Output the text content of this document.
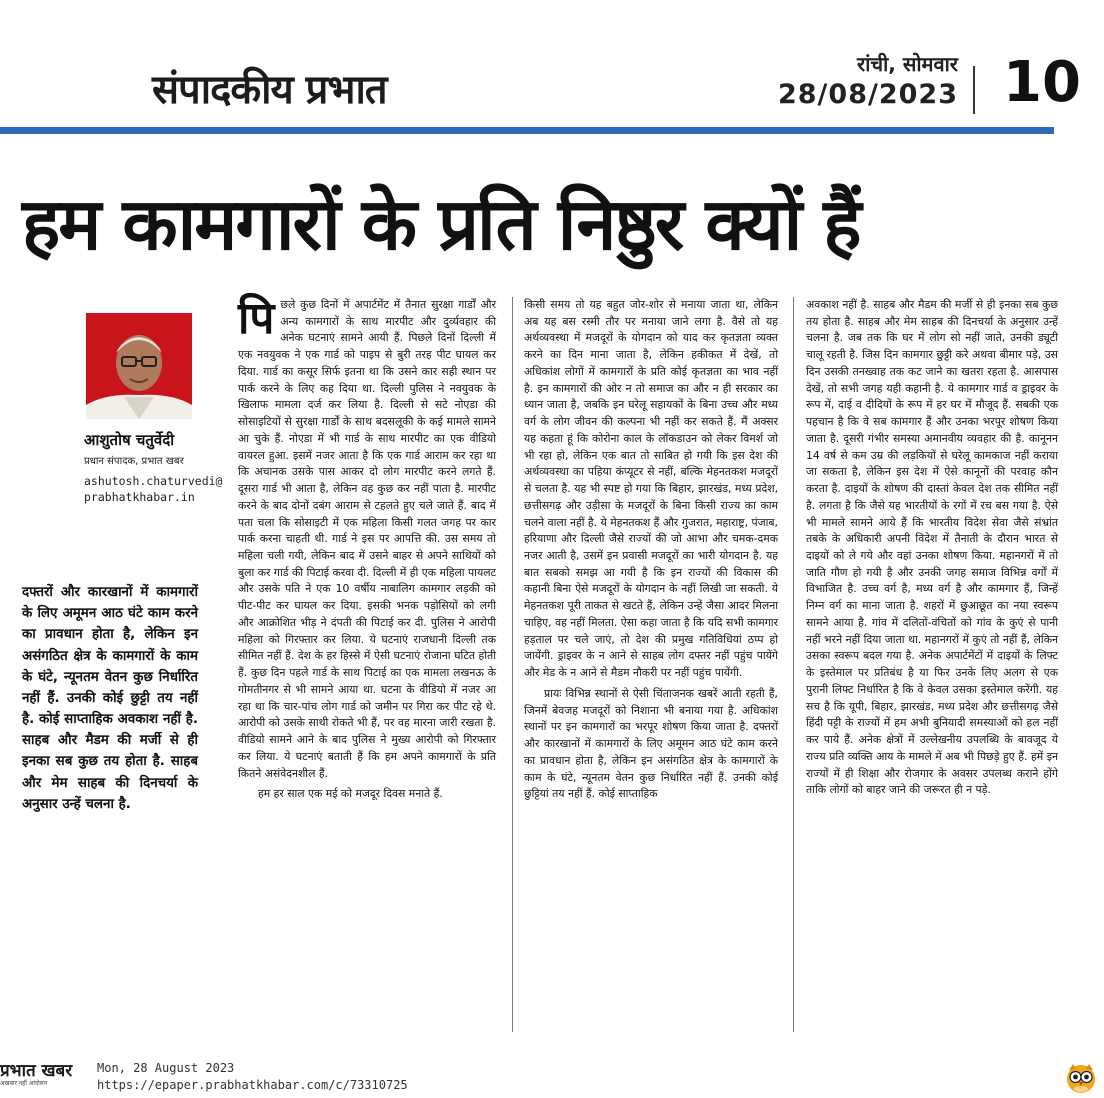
संपादकीय प्रभात
रांची, सोमवार
28/08/2023 10
हम कामगारों के प्रति निष्ठुर क्यों हैं
आशुतोष चतुर्वेदी
प्रधान संपादक, प्रभात खबर
ashutosh.chaturvedi@
prabhatkhabar.in
दफ्तरों और कारखानों में कामगारों के लिए अमूमन आठ घंटे काम करने का प्रावधान होता है, लेकिन इन असंगठित क्षेत्र के कामगारों के काम के घंटे, न्यूनतम वेतन कुछ निर्धारित नहीं हैं. उनकी कोई छुट्टी तय नहीं है. कोई साप्ताहिक अवकाश नहीं है. साहब और मैडम की मर्जी से ही इनका सब कुछ तय होता है. साहब और मेम साहब की दिनचर्या के अनुसार उन्हें चलना है.
पि छले कुछ दिनों में अपार्टमेंट में तैनात सुरक्षा गार्डों और अन्य कामगारों के साथ मारपीट और दुर्व्यवहार की अनेक घटनाएं सामने आयी हैं. पिछले दिनों दिल्ली में एक नवयुवक ने एक गार्ड को पाइप से बुरी तरह पीट घायल कर दिया. गार्ड का कसूर सिर्फ इतना था कि उसने कार सही स्थान पर पार्क करने के लिए कह दिया था. दिल्ली पुलिस ने नवयुवक के खिलाफ मामला दर्ज कर लिया है. दिल्ली से सटे नोएडा की सोसाइटियों से सुरक्षा गार्डों के साथ बदसलूकी के कई मामले सामने आ चुके हैं. नोएडा में भी गार्ड के साथ मारपीट का एक वीडियो वायरल हुआ. इसमें नजर आता है कि एक गार्ड आराम कर रहा था कि अचानक उसके पास आकर दो लोग मारपीट करने लगते हैं. दूसरा गार्ड भी आता है, लेकिन वह कुछ कर नहीं पाता है. मारपीट करने के बाद दोनों दबंग आराम से टहलते हुए चले जाते हैं. बाद में पता चला कि सोसाइटी में एक महिला किसी गलत जगह पर कार पार्क करना चाहती थी. गार्ड ने इस पर आपत्ति की. उस समय तो महिला चली गयी, लेकिन बाद में उसने बाहर से अपने साथियों को बुला कर गार्ड की पिटाई करवा दी. दिल्ली में ही एक महिला पायलट और उसके पति ने एक 10 वर्षीय नाबालिग कामगार लड़की को पीट-पीट कर घायल कर दिया. इसकी भनक पड़ोसियों को लगी और आक्रोशित भीड़ ने दंपती की पिटाई कर दी. पुलिस ने आरोपी महिला को गिरफ्तार कर लिया. ये घटनाएं राजधानी दिल्ली तक सीमित नहीं हैं. देश के हर हिस्से में ऐसी घटनाएं रोजाना घटित होती हैं. कुछ दिन पहले गार्ड के साथ पिटाई का एक मामला लखनऊ के गोमतीनगर से भी सामने आया था. घटना के वीडियो में नजर आ रहा था कि चार-पांच लोग गार्ड को जमीन पर गिरा कर पीट रहे थे. आरोपी को उसके साथी रोकते भी हैं, पर वह मारना जारी रखता है. वीडियो सामने आने के बाद पुलिस ने मुख्य आरोपी को गिरफ्तार कर लिया. ये घटनाएं बताती हैं कि हम अपने कामगारों के प्रति कितने असंवेदनशील हैं.

हम हर साल एक मई को मजदूर दिवस मनाते हैं.

किसी समय तो यह बहुत जोर-शोर से मनाया जाता था, लेकिन अब यह बस रस्मी तौर पर मनाया जाने लगा है. वैसे तो यह अर्थव्यवस्था में मजदूरों के योगदान को याद कर कृतज्ञता व्यक्त करने का दिन माना जाता है, लेकिन हकीकत में देखें, तो अधिकांश लोगों में कामगारों के प्रति कोई कृतज्ञता का भाव नहीं है. इन कामगारों की ओर न तो समाज का और न ही सरकार का ध्यान जाता है, जबकि इन घरेलू सहायकों के बिना उच्च और मध्य वर्ग के लोग जीवन की कल्पना भी नहीं कर सकते हैं. मैं अक्सर यह कहता हूं कि कोरोना काल के लॉकडाउन को लेकर विमर्श जो भी रहा हो, लेकिन एक बात तो साबित हो गयी कि इस देश की अर्थव्यवस्था का पहिया कंप्यूटर से नहीं, बल्कि मेहनतकश मजदूरों से चलता है. यह भी स्पष्ट हो गया कि बिहार, झारखंड, मध्य प्रदेश, छत्तीसगढ़ और उड़ीसा के मजदूरों के बिना किसी राज्य का काम चलने वाला नहीं है. ये मेहनतकश हैं और गुजरात, महाराष्ट्र, पंजाब, हरियाणा और दिल्ली जैसे राज्यों की जो आभा और चमक-दमक नजर आती है, उसमें इन प्रवासी मजदूरों का भारी योगदान है. यह बात सबको समझ आ गयी है कि इन राज्यों की विकास की कहानी बिना ऐसे मजदूरों के योगदान के नहीं लिखी जा सकती. ये मेहनतकश पूरी ताकत से खटते हैं, लेकिन उन्हें जैसा आदर मिलना चाहिए, वह नहीं मिलता. ऐसा कहा जाता है कि यदि सभी कामगार हड़ताल पर चले जाएं, तो देश की प्रमुख गतिविधियां ठप्प हो जायेंगी. ड्राइवर के न आने से साहब लोग दफ्तर नहीं पहुंच पायेंगे और मेड के न आने से मैडम नौकरी पर नहीं पहुंच पायेंगी.

प्रायः विभिन्न स्थानों से ऐसी चिंताजनक खबरें आती रहती हैं, जिनमें बेवजह मजदूरों को निशाना भी बनाया गया है. अधिकांश स्थानों पर इन कामगारों का भरपूर शोषण किया जाता है. दफ्तरों और कारखानों में कामगारों के लिए अमूमन आठ घंटे काम करने का प्रावधान होता है, लेकिन इन असंगठित क्षेत्र के कामगारों के काम के घंटे, न्यूनतम वेतन कुछ निर्धारित नहीं हैं. उनकी कोई छुट्टियां तय नहीं हैं. कोई साप्ताहिक

अवकाश नहीं है. साहब और मैडम की मर्जी से ही इनका सब कुछ तय होता है. साहब और मेम साहब की दिनचर्या के अनुसार उन्हें चलना है. जब तक कि घर में लोग सो नहीं जाते, उनकी ड्यूटी चालू रहती है. जिस दिन कामगार छुट्टी करे अथवा बीमार पड़े, उस दिन उसकी तनख्वाह तक कट जाने का खतरा रहता है. आसपास देखें, तो सभी जगह यही कहानी है. ये कामगार गार्ड व ड्राइवर के रूप में, दाई व दीदियों के रूप में हर घर में मौजूद हैं. सबकी एक पहचान है कि वे सब कामगार हैं और उनका भरपूर शोषण किया जाता है. दूसरी गंभीर समस्या अमानवीय व्यवहार की है. कानूनन 14 वर्ष से कम उम्र की लड़कियों से घरेलू कामकाज नहीं कराया जा सकता है, लेकिन इस देश में ऐसे कानूनों की परवाह कौन करता है. दाइयों के शोषण की दास्तां केवल देश तक सीमित नहीं है. लगता है कि जैसे यह भारतीयों के रगों में रच बस गया है. ऐसे भी मामले सामने आये हैं कि भारतीय विदेश सेवा जैसे संभ्रांत तबके के अधिकारी अपनी विदेश में तैनाती के दौरान भारत से दाइयों को ले गये और वहां उनका शोषण किया. महानगरों में तो जाति गौण हो गयी है और उनकी जगह समाज विभिन्न वर्गों में विभाजित है. उच्च वर्ग है, मध्य वर्ग है और कामगार हैं, जिन्हें निम्न वर्ग का माना जाता है. शहरों में छुआछूत का नया स्वरूप सामने आया है. गांव में दलितों-वंचितों को गांव के कुएं से पानी नहीं भरने नहीं दिया जाता था. महानगरों में कुएं तो नहीं हैं, लेकिन उसका स्वरूप बदल गया है. अनेक अपार्टमेंटों में दाइयों के लिफ्ट के इस्तेमाल पर प्रतिबंध है या फिर उनके लिए अलग से एक पुरानी लिफ्ट निर्धारित है कि वे केवल उसका इस्तेमाल करेंगी. यह सच है कि यूपी, बिहार, झारखंड, मध्य प्रदेश और छत्तीसगढ़ जैसे हिंदी पट्टी के राज्यों में हम अभी बुनियादी समस्याओं को हल नहीं कर पाये हैं. अनेक क्षेत्रों में उल्लेखनीय उपलब्धि के बावजूद ये राज्य प्रति व्यक्ति आय के मामले में अब भी पिछड़े हुए हैं. हमें इन राज्यों में ही शिक्षा और रोजगार के अवसर उपलब्ध कराने होंगे ताकि लोगों को बाहर जाने की जरूरत ही न पड़े.

प्रभात खबर
अखबार नहीं आंदोलन
Mon, 28 August 2023
https://epaper.prabhatkhabar.com/c/73310725
